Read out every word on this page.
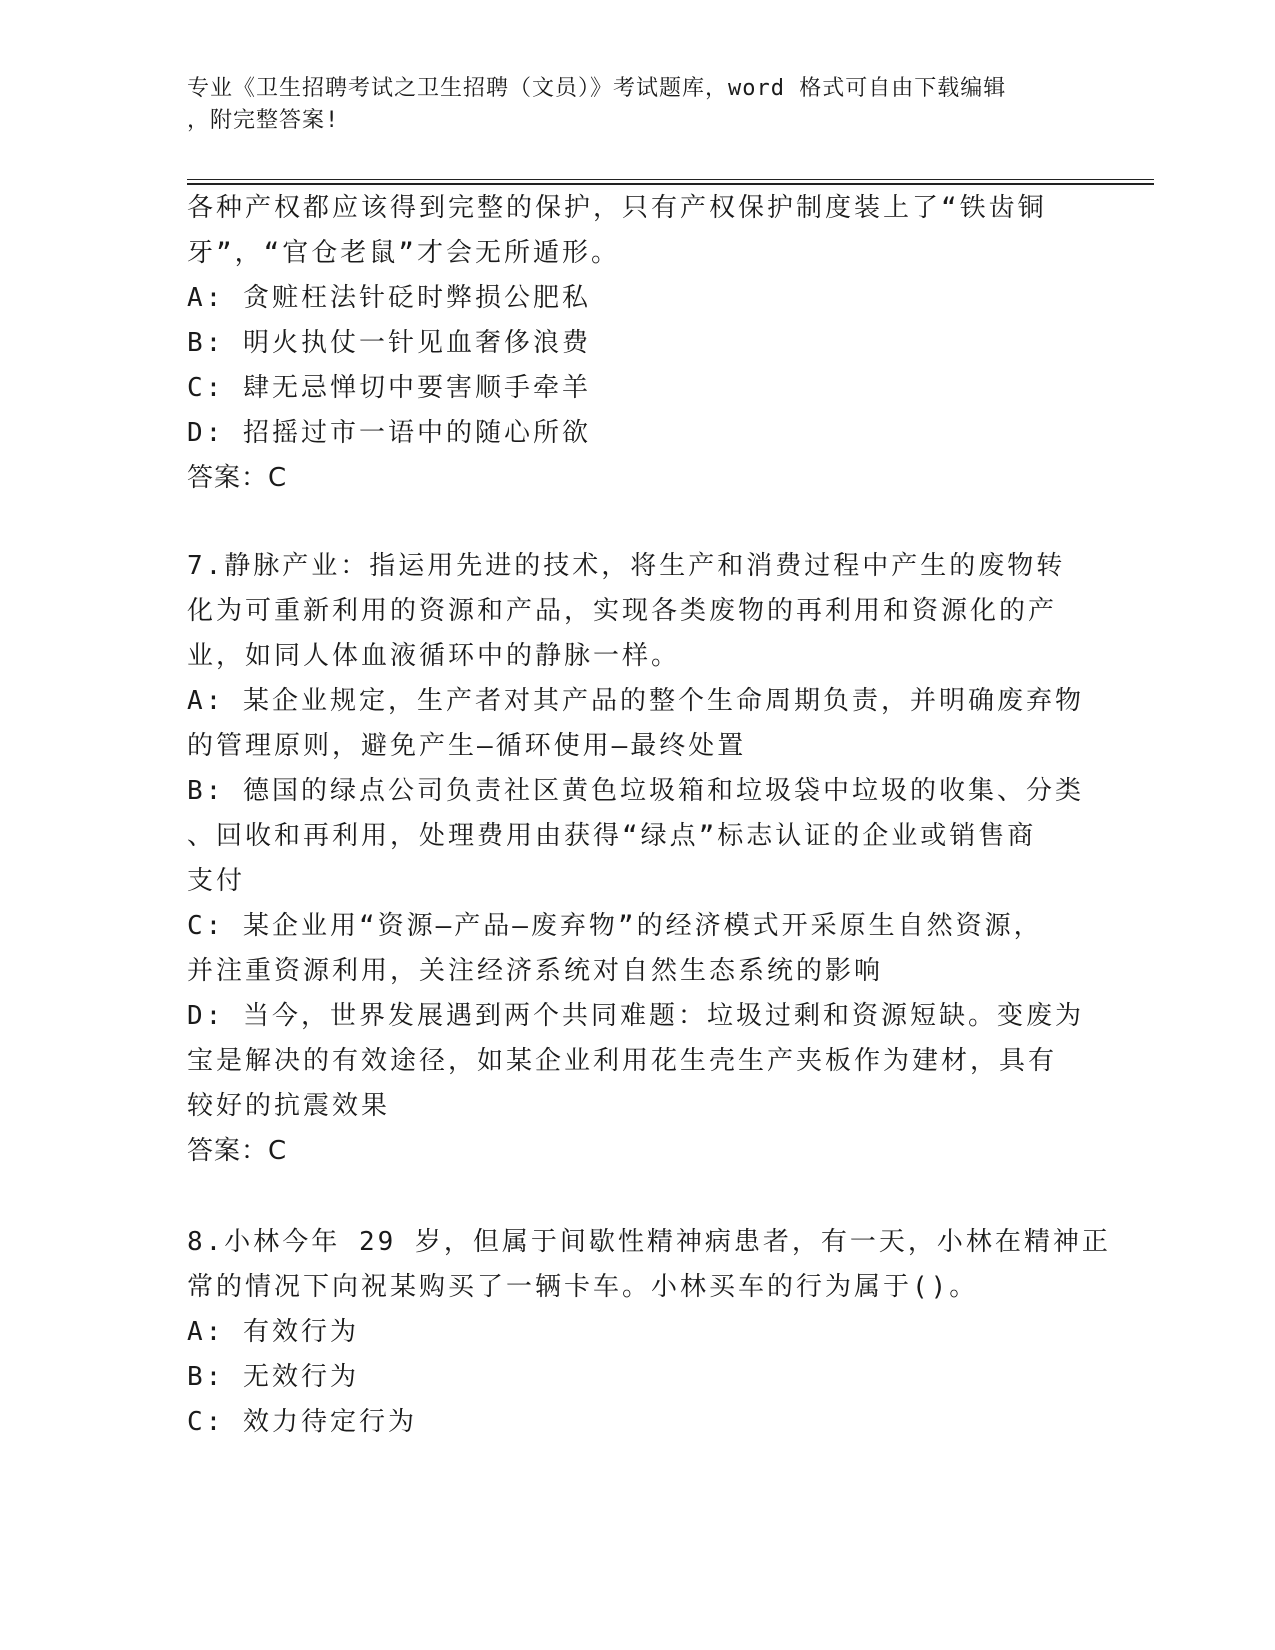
专业《卫生招聘考试之卫生招聘（文员）》考试题库，word 格式可自由下载编辑
，附完整答案!
各种产权都应该得到完整的保护，只有产权保护制度装上了“铁齿铜
牙”，“官仓老鼠”才会无所遁形。
A: 贪赃枉法针砭时弊损公肥私
B: 明火执仗一针见血奢侈浪费
C: 肆无忌惮切中要害顺手牵羊
D: 招摇过市一语中的随心所欲
答案：C
7.静脉产业：指运用先进的技术，将生产和消费过程中产生的废物转
化为可重新利用的资源和产品，实现各类废物的再利用和资源化的产
业，如同人体血液循环中的静脉一样。
A: 某企业规定，生产者对其产品的整个生命周期负责，并明确废弃物
的管理原则，避免产生—循环使用—最终处置
B: 德国的绿点公司负责社区黄色垃圾箱和垃圾袋中垃圾的收集、分类
、回收和再利用，处理费用由获得“绿点”标志认证的企业或销售商
支付
C: 某企业用“资源—产品—废弃物”的经济模式开采原生自然资源，
并注重资源利用，关注经济系统对自然生态系统的影响
D: 当今，世界发展遇到两个共同难题：垃圾过剩和资源短缺。变废为
宝是解决的有效途径，如某企业利用花生壳生产夹板作为建材，具有
较好的抗震效果
答案：C
8.小林今年 29 岁，但属于间歇性精神病患者，有一天，小林在精神正
常的情况下向祝某购买了一辆卡车。小林买车的行为属于()。
A: 有效行为
B: 无效行为
C: 效力待定行为
